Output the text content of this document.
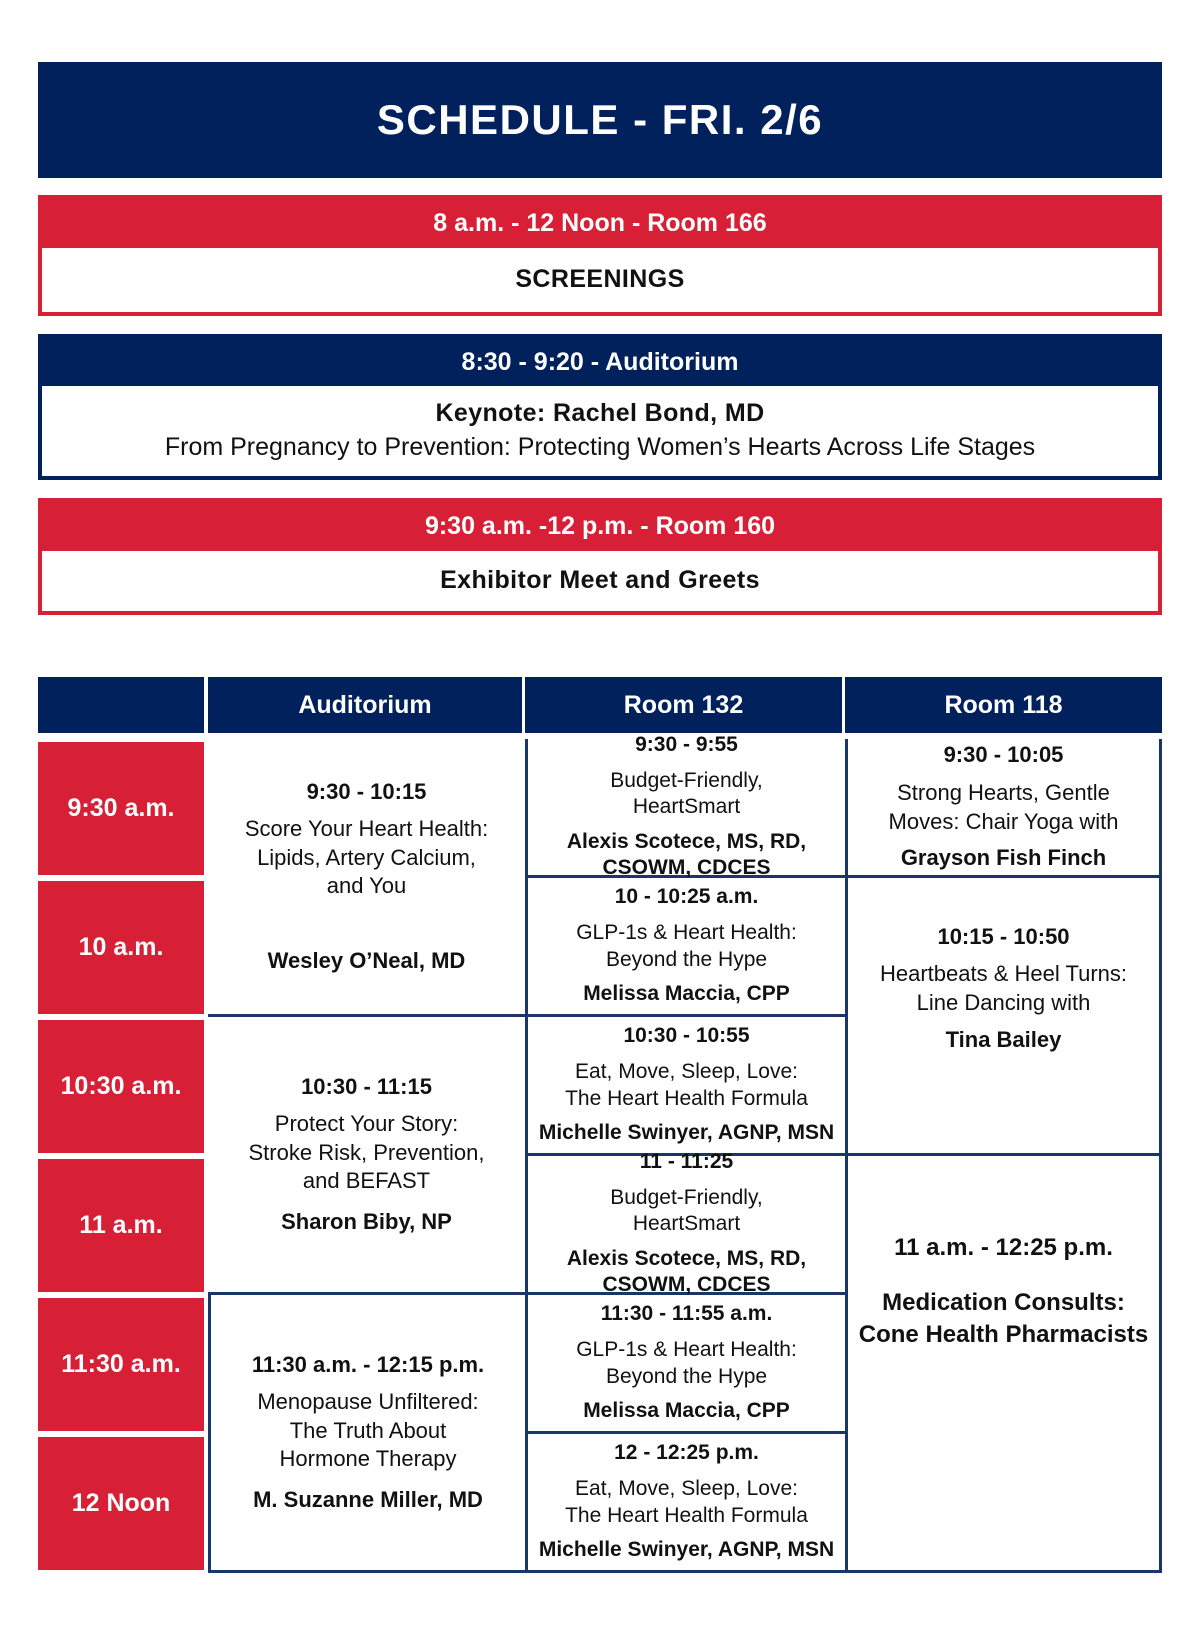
SCHEDULE - FRI. 2/6
8 a.m. - 12 Noon - Room 166
SCREENINGS
8:30 - 9:20 - Auditorium
Keynote: Rachel Bond, MD
From Pregnancy to Prevention: Protecting Women’s Hearts Across Life Stages
9:30 a.m. -12 p.m. - Room 160
Exhibitor Meet and Greets
Auditorium	Room 132	Room 118
9:30 a.m.
10 a.m.
10:30 a.m.
11 a.m.
11:30 a.m.
12 Noon
9:30 - 10:15
Score Your Heart Health:
Lipids, Artery Calcium,
and You
Wesley O’Neal, MD
10:30 - 11:15
Protect Your Story:
Stroke Risk, Prevention,
and BEFAST
Sharon Biby, NP
11:30 a.m. - 12:15 p.m.
Menopause Unfiltered:
The Truth About
Hormone Therapy
M. Suzanne Miller, MD
9:30 - 9:55
Budget-Friendly,
HeartSmart
Alexis Scotece, MS, RD,
CSOWM, CDCES
10 - 10:25 a.m.
GLP-1s & Heart Health:
Beyond the Hype
Melissa Maccia, CPP
10:30 - 10:55
Eat, Move, Sleep, Love:
The Heart Health Formula
Michelle Swinyer, AGNP, MSN
11 - 11:25
Budget-Friendly,
HeartSmart
Alexis Scotece, MS, RD,
CSOWM, CDCES
11:30 - 11:55 a.m.
GLP-1s & Heart Health:
Beyond the Hype
Melissa Maccia, CPP
12 - 12:25 p.m.
Eat, Move, Sleep, Love:
The Heart Health Formula
Michelle Swinyer, AGNP, MSN
9:30 - 10:05
Strong Hearts, Gentle
Moves: Chair Yoga with
Grayson Fish Finch
10:15 - 10:50
Heartbeats & Heel Turns:
Line Dancing with
Tina Bailey
11 a.m. - 12:25 p.m.
Medication Consults:
Cone Health Pharmacists
